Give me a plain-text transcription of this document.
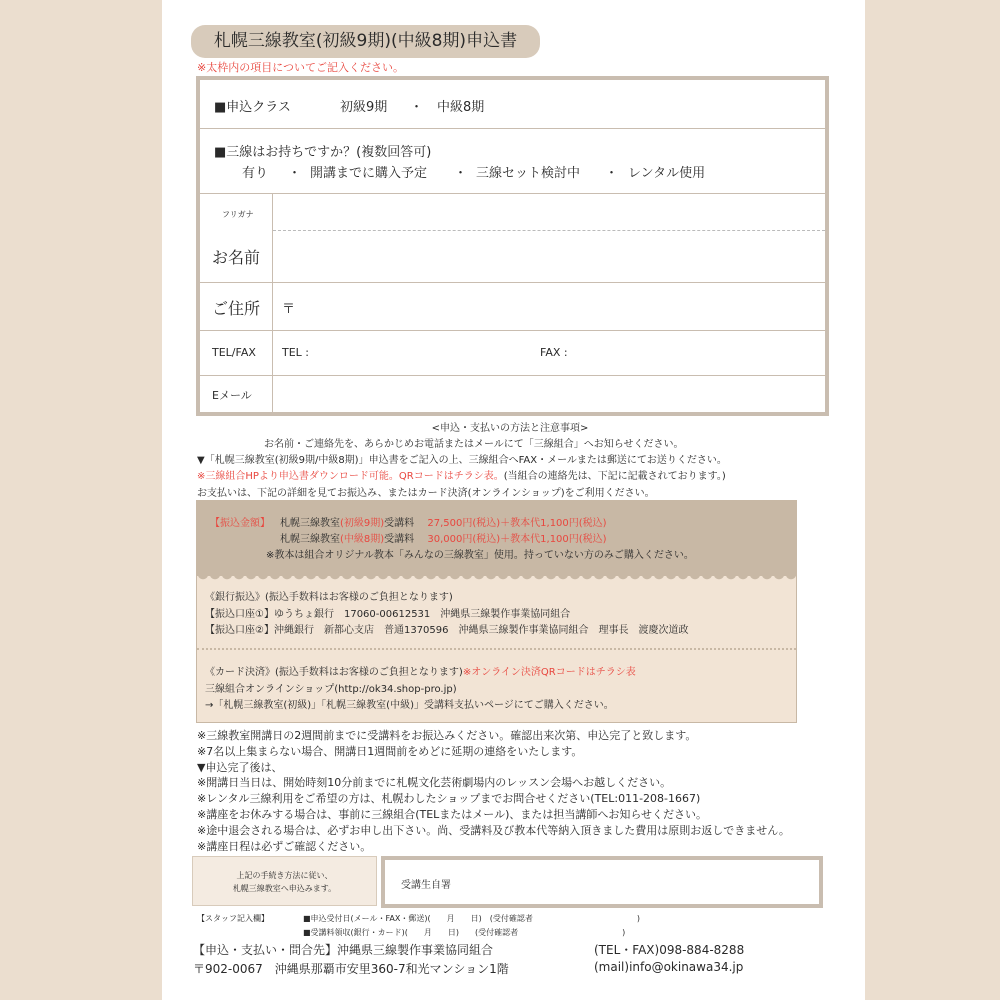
札幌三線教室(初級9期)(中級8期)申込書
※太枠内の項目についてご記入ください。
■申込クラス	初級9期 ・ 中級8期
■三線はお持ちですか？(複数回答可)
有り ・ 開講までに購入予定 ・ 三線セット検討中 ・ レンタル使用
フリガナ
お名前
ご住所 〒
TEL/FAX TEL :	FAX :
Eメール
<申込・支払いの方法と注意事項>
お名前・ご連絡先を、あらかじめお電話またはメールにて「三線組合」へお知らせください。
▼「札幌三線教室(初級9期/中級8期)」申込書をご記入の上、三線組合へFAX・メールまたは郵送にてお送りください。
※三線組合HPより申込書ダウンロード可能。QRコードはチラシ表。(当組合の連絡先は、下記に記載されております。)
お支払いは、下記の詳細を見てお振込み、またはカード決済(オンラインショップ)をご利用ください。
【振込金額】 札幌三線教室(初級9期)受講料 27,500円(税込)＋教本代1,100円(税込)
札幌三線教室(中級8期)受講料 30,000円(税込)＋教本代1,100円(税込)
※教本は組合オリジナル教本「みんなの三線教室」使用。持っていない方のみご購入ください。
《銀行振込》(振込手数料はお客様のご負担となります)
【振込口座①】ゆうちょ銀行　17060-00612531　沖縄県三線製作事業協同組合
【振込口座②】沖縄銀行　新都心支店　普通1370596　沖縄県三線製作事業協同組合　理事長　渡慶次道政
《カード決済》(振込手数料はお客様のご負担となります)※オンライン決済QRコードはチラシ表
三線組合オンラインショップ(http://ok34.shop-pro.jp)
→「札幌三線教室(初級)」「札幌三線教室(中級)」受講料支払いページにてご購入ください。
※三線教室開講日の2週間前までに受講料をお振込みください。確認出来次第、申込完了と致します。
※7名以上集まらない場合、開講日1週間前をめどに延期の連絡をいたします。
▼申込完了後は、
※開講日当日は、開始時刻10分前までに札幌文化芸術劇場内のレッスン会場へお越しください。
※レンタル三線利用をご希望の方は、札幌わしたショップまでお問合せください(TEL:011-208-1667)
※講座をお休みする場合は、事前に三線組合(TELまたはメール)、または担当講師へお知らせください。
※途中退会される場合は、必ずお申し出下さい。尚、受講料及び教本代等納入頂きました費用は原則お返しできません。
※講座日程は必ずご確認ください。
上記の手続き方法に従い、
札幌三線教室へ申込みます。	受講生自署
【スタッフ記入欄】	■申込受付日(メール・FAX・郵送)(　　月　　日)　(受付確認者　　　　　　　　　　　　　)
■受講料領収(銀行・カード)(　　月　　日)　　(受付確認者　　　　　　　　　　　　　)
【申込・支払い・問合先】沖縄県三線製作事業協同組合	(TEL・FAX)098-884-8288
〒902-0067　沖縄県那覇市安里360-7和光マンション1階	(mail)info@okinawa34.jp
